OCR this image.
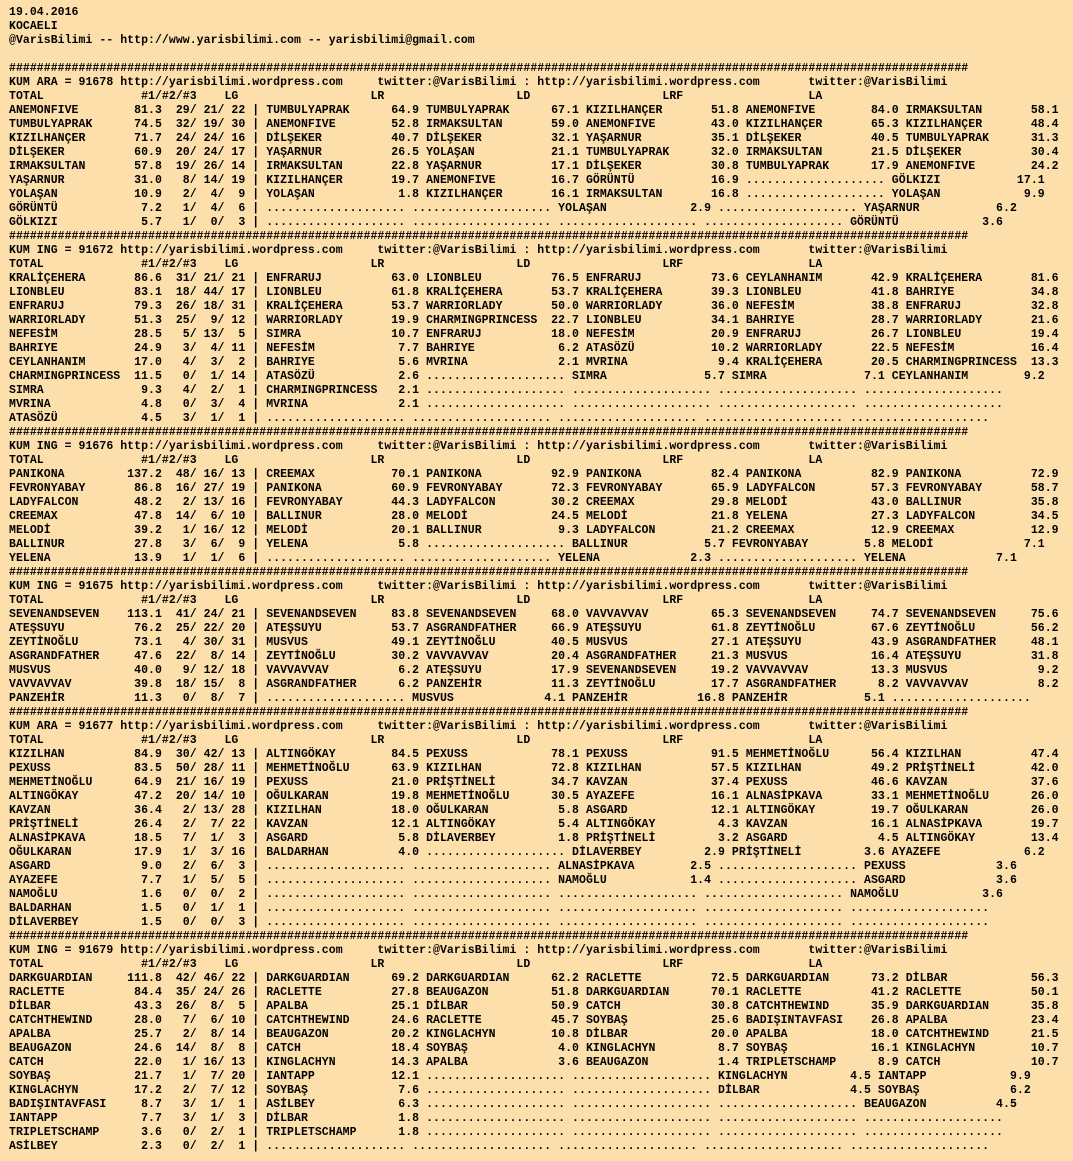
19.04.2016
KOCAELI
@VarisBilimi -- http://www.yarisbilimi.com -- yarisbilimi@gmail.com

##########################################################################################################################################
KUM ARA = 91678 http://yarisbilimi.wordpress.com     twitter:@VarisBilimi : http://yarisbilimi.wordpress.com       twitter:@VarisBilimi
TOTAL              #1/#2/#3    LG                   LR                   LD                   LRF                  LA
ANEMONFIVE        81.3  29/ 21/ 22 | TUMBULYAPRAK      64.9 TUMBULYAPRAK      67.1 KIZILHANÇER       51.8 ANEMONFIVE        84.0 IRMAKSULTAN       58.1
TUMBULYAPRAK      74.5  32/ 19/ 30 | ANEMONFIVE        52.8 IRMAKSULTAN       59.0 ANEMONFIVE        43.0 KIZILHANÇER       65.3 KIZILHANÇER       48.4
KIZILHANÇER       71.7  24/ 24/ 16 | DİLŞEKER          40.7 DİLŞEKER          32.1 YAŞARNUR          35.1 DİLŞEKER          40.5 TUMBULYAPRAK      31.3
DİLŞEKER          60.9  20/ 24/ 17 | YAŞARNUR          26.5 YOLAŞAN           21.1 TUMBULYAPRAK      32.0 IRMAKSULTAN       21.5 DİLŞEKER          30.4
IRMAKSULTAN       57.8  19/ 26/ 14 | IRMAKSULTAN       22.8 YAŞARNUR          17.1 DİLŞEKER          30.8 TUMBULYAPRAK      17.9 ANEMONFIVE        24.2
YAŞARNUR          31.0   8/ 14/ 19 | KIZILHANÇER       19.7 ANEMONFIVE        16.7 GÖRÜNTÜ           16.9 .................... GÖLKIZI           17.1
YOLAŞAN           10.9   2/  4/  9 | YOLAŞAN            1.8 KIZILHANÇER       16.1 IRMAKSULTAN       16.8 .................... YOLAŞAN            9.9
GÖRÜNTÜ            7.2   1/  4/  6 | .................... .................... YOLAŞAN            2.9 .................... YAŞARNUR           6.2
GÖLKIZI            5.7   1/  0/  3 | .................... .................... .................... .................... GÖRÜNTÜ            3.6
##########################################################################################################################################
KUM ING = 91672 http://yarisbilimi.wordpress.com     twitter:@VarisBilimi : http://yarisbilimi.wordpress.com       twitter:@VarisBilimi
TOTAL              #1/#2/#3    LG                   LR                   LD                   LRF                  LA
KRALİÇEHERA       86.6  31/ 21/ 21 | ENFRARUJ          63.0 LIONBLEU          76.5 ENFRARUJ          73.6 CEYLANHANIM       42.9 KRALİÇEHERA       81.6
LIONBLEU          83.1  18/ 44/ 17 | LIONBLEU          61.8 KRALİÇEHERA       53.7 KRALİÇEHERA       39.3 LIONBLEU          41.8 BAHRIYE           34.8
ENFRARUJ          79.3  26/ 18/ 31 | KRALİÇEHERA       53.7 WARRIORLADY       50.0 WARRIORLADY       36.0 NEFESİM           38.8 ENFRARUJ          32.8
WARRIORLADY       51.3  25/  9/ 12 | WARRIORLADY       19.9 CHARMINGPRINCESS  22.7 LIONBLEU          34.1 BAHRIYE           28.7 WARRIORLADY       21.6
NEFESİM           28.5   5/ 13/  5 | SIMRA             10.7 ENFRARUJ          18.0 NEFESİM           20.9 ENFRARUJ          26.7 LIONBLEU          19.4
BAHRIYE           24.9   3/  4/ 11 | NEFESİM            7.7 BAHRIYE            6.2 ATASÖZÜ           10.2 WARRIORLADY       22.5 NEFESİM           16.4
CEYLANHANIM       17.0   4/  3/  2 | BAHRIYE            5.6 MVRINA             2.1 MVRINA             9.4 KRALİÇEHERA       20.5 CHARMINGPRINCESS  13.3
CHARMINGPRINCESS  11.5   0/  1/ 14 | ATASÖZÜ            2.6 .................... SIMRA              5.7 SIMRA              7.1 CEYLANHANIM        9.2
SIMRA              9.3   4/  2/  1 | CHARMINGPRINCESS   2.1 .................... .................... .................... ....................
MVRINA             4.8   0/  3/  4 | MVRINA             2.1 .................... .................... .................... ....................
ATASÖZÜ            4.5   3/  1/  1 | .................... .................... .................... .................... ....................
##########################################################################################################################################
KUM ING = 91676 http://yarisbilimi.wordpress.com     twitter:@VarisBilimi : http://yarisbilimi.wordpress.com       twitter:@VarisBilimi
TOTAL              #1/#2/#3    LG                   LR                   LD                   LRF                  LA
PANIKONA         137.2  48/ 16/ 13 | CREEMAX           70.1 PANIKONA          92.9 PANIKONA          82.4 PANIKONA          82.9 PANIKONA          72.9
FEVRONYABAY       86.8  16/ 27/ 19 | PANIKONA          60.9 FEVRONYABAY       72.3 FEVRONYABAY       65.9 LADYFALCON        57.3 FEVRONYABAY       58.7
LADYFALCON        48.2   2/ 13/ 16 | FEVRONYABAY       44.3 LADYFALCON        30.2 CREEMAX           29.8 MELODİ            43.0 BALLINUR          35.8
CREEMAX           47.8  14/  6/ 10 | BALLINUR          28.0 MELODİ            24.5 MELODİ            21.8 YELENA            27.3 LADYFALCON        34.5
MELODİ            39.2   1/ 16/ 12 | MELODİ            20.1 BALLINUR           9.3 LADYFALCON        21.2 CREEMAX           12.9 CREEMAX           12.9
BALLINUR          27.8   3/  6/  9 | YELENA             5.8 .................... BALLINUR           5.7 FEVRONYABAY        5.8 MELODİ             7.1
YELENA            13.9   1/  1/  6 | .................... .................... YELENA             2.3 .................... YELENA             7.1
##########################################################################################################################################
KUM ING = 91675 http://yarisbilimi.wordpress.com     twitter:@VarisBilimi : http://yarisbilimi.wordpress.com       twitter:@VarisBilimi
TOTAL              #1/#2/#3    LG                   LR                   LD                   LRF                  LA
SEVENANDSEVEN    113.1  41/ 24/ 21 | SEVENANDSEVEN     83.8 SEVENANDSEVEN     68.0 VAVVAVVAV         65.3 SEVENANDSEVEN     74.7 SEVENANDSEVEN     75.6
ATEŞSUYU          76.2  25/ 22/ 20 | ATEŞSUYU          53.7 ASGRANDFATHER     66.9 ATEŞSUYU          61.8 ZEYTİNOĞLU        67.6 ZEYTİNOĞLU        56.2
ZEYTİNOĞLU        73.1   4/ 30/ 31 | MUSVUS            49.1 ZEYTİNOĞLU        40.5 MUSVUS            27.1 ATEŞSUYU          43.9 ASGRANDFATHER     48.1
ASGRANDFATHER     47.6  22/  8/ 14 | ZEYTİNOĞLU        30.2 VAVVAVVAV         20.4 ASGRANDFATHER     21.3 MUSVUS            16.4 ATEŞSUYU          31.8
MUSVUS            40.0   9/ 12/ 18 | VAVVAVVAV          6.2 ATEŞSUYU          17.9 SEVENANDSEVEN     19.2 VAVVAVVAV         13.3 MUSVUS             9.2
VAVVAVVAV         39.8  18/ 15/  8 | ASGRANDFATHER      6.2 PANZEHİR          11.3 ZEYTİNOĞLU        17.7 ASGRANDFATHER      8.2 VAVVAVVAV          8.2
PANZEHİR          11.3   0/  8/  7 | .................... MUSVUS             4.1 PANZEHİR          16.8 PANZEHİR           5.1 ....................
##########################################################################################################################################
KUM ARA = 91677 http://yarisbilimi.wordpress.com     twitter:@VarisBilimi : http://yarisbilimi.wordpress.com       twitter:@VarisBilimi
TOTAL              #1/#2/#3    LG                   LR                   LD                   LRF                  LA
KIZILHAN          84.9  30/ 42/ 13 | ALTINGÖKAY        84.5 PEXUSS            78.1 PEXUSS            91.5 MEHMETİNOĞLU      56.4 KIZILHAN          47.4
PEXUSS            83.5  50/ 28/ 11 | MEHMETİNOĞLU      63.9 KIZILHAN          72.8 KIZILHAN          57.5 KIZILHAN          49.2 PRİŞTİNELİ        42.0
MEHMETİNOĞLU      64.9  21/ 16/ 19 | PEXUSS            21.0 PRİŞTİNELİ        34.7 KAVZAN            37.4 PEXUSS            46.6 KAVZAN            37.6
ALTINGÖKAY        47.2  20/ 14/ 10 | OĞULKARAN         19.8 MEHMETİNOĞLU      30.5 AYAZEFE           16.1 ALNASİPKAVA       33.1 MEHMETİNOĞLU      26.0
KAVZAN            36.4   2/ 13/ 28 | KIZILHAN          18.0 OĞULKARAN          5.8 ASGARD            12.1 ALTINGÖKAY        19.7 OĞULKARAN         26.0
PRİŞTİNELİ        26.4   2/  7/ 22 | KAVZAN            12.1 ALTINGÖKAY         5.4 ALTINGÖKAY         4.3 KAVZAN            16.1 ALNASİPKAVA       19.7
ALNASİPKAVA       18.5   7/  1/  3 | ASGARD             5.8 DİLAVERBEY         1.8 PRİŞTİNELİ         3.2 ASGARD             4.5 ALTINGÖKAY        13.4
OĞULKARAN         17.9   1/  3/ 16 | BALDARHAN          4.0 .................... DİLAVERBEY         2.9 PRİŞTİNELİ         3.6 AYAZEFE            6.2
ASGARD             9.0   2/  6/  3 | .................... .................... ALNASİPKAVA        2.5 .................... PEXUSS             3.6
AYAZEFE            7.7   1/  5/  5 | .................... .................... NAMOĞLU            1.4 .................... ASGARD             3.6
NAMOĞLU            1.6   0/  0/  2 | .................... .................... .................... .................... NAMOĞLU            3.6
BALDARHAN          1.5   0/  1/  1 | .................... .................... .................... .................... ....................
DİLAVERBEY         1.5   0/  0/  3 | .................... .................... .................... .................... ....................
##########################################################################################################################################
KUM ING = 91679 http://yarisbilimi.wordpress.com     twitter:@VarisBilimi : http://yarisbilimi.wordpress.com       twitter:@VarisBilimi
TOTAL              #1/#2/#3    LG                   LR                   LD                   LRF                  LA
DARKGUARDIAN     111.8  42/ 46/ 22 | DARKGUARDIAN      69.2 DARKGUARDIAN      62.2 RACLETTE          72.5 DARKGUARDIAN      73.2 DİLBAR            56.3
RACLETTE          84.4  35/ 24/ 26 | RACLETTE          27.8 BEAUGAZON         51.8 DARKGUARDIAN      70.1 RACLETTE          41.2 RACLETTE          50.1
DİLBAR            43.3  26/  8/  5 | APALBA            25.1 DİLBAR            50.9 CATCH             30.8 CATCHTHEWIND      35.9 DARKGUARDIAN      35.8
CATCHTHEWIND      28.0   7/  6/ 10 | CATCHTHEWIND      24.6 RACLETTE          45.7 SOYBAŞ            25.6 BADIŞINTAVFASI    26.8 APALBA            23.4
APALBA            25.7   2/  8/ 14 | BEAUGAZON         20.2 KINGLACHYN        10.8 DİLBAR            20.0 APALBA            18.0 CATCHTHEWIND      21.5
BEAUGAZON         24.6  14/  8/  8 | CATCH             18.4 SOYBAŞ             4.0 KINGLACHYN         8.7 SOYBAŞ            16.1 KINGLACHYN        10.7
CATCH             22.0   1/ 16/ 13 | KINGLACHYN        14.3 APALBA             3.6 BEAUGAZON          1.4 TRIPLETSCHAMP      8.9 CATCH             10.7
SOYBAŞ            21.7   1/  7/ 20 | IANTAPP           12.1 .................... .................... KINGLACHYN         4.5 IANTAPP            9.9
KINGLACHYN        17.2   2/  7/ 12 | SOYBAŞ             7.6 .................... .................... DİLBAR             4.5 SOYBAŞ             6.2
BADIŞINTAVFASI     8.7   3/  1/  1 | ASİLBEY            6.3 .................... .................... .................... BEAUGAZON          4.5
IANTAPP            7.7   3/  1/  3 | DİLBAR             1.8 .................... .................... .................... ....................
TRIPLETSCHAMP      3.6   0/  2/  1 | TRIPLETSCHAMP      1.8 .................... .................... .................... ....................
ASİLBEY            2.3   0/  2/  1 | .................... .................... .................... .................... ....................
